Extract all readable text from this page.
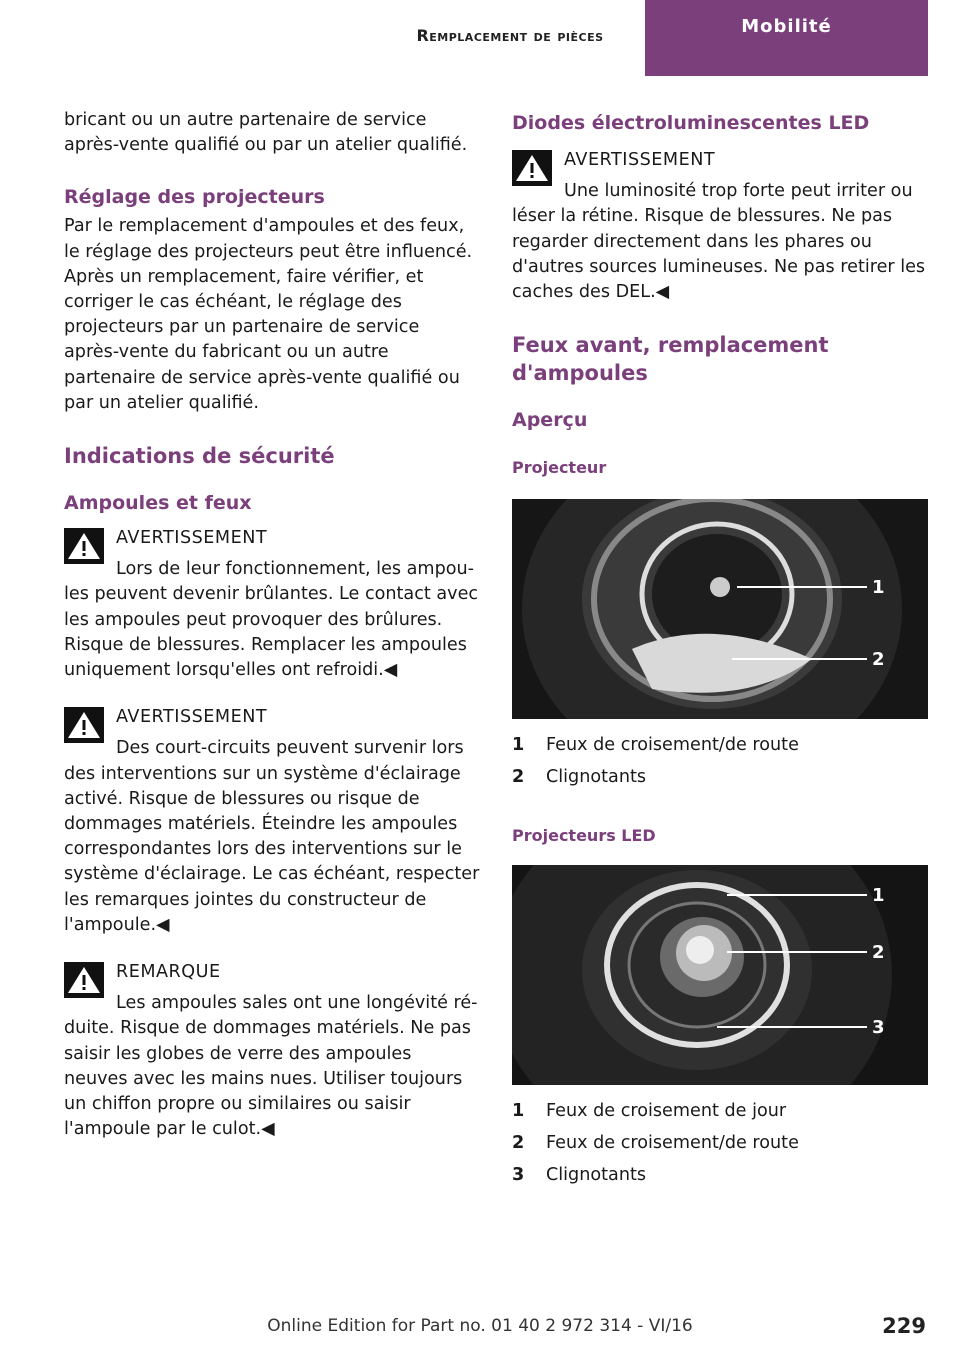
Remplacement de pièces	Mobilité

bricant ou un autre partenaire de service après-vente qualifié ou par un atelier qualifié.

Réglage des projecteurs

Par le remplacement d'ampoules et des feux, le réglage des projecteurs peut être influencé. Après un remplacement, faire vérifier, et corriger le cas échéant, le réglage des projecteurs par un partenaire de service après-vente du fabricant ou un autre partenaire de service après-vente qualifié ou par un atelier qualifié.

Indications de sécurité
Ampoules et feux

AVERTISSEMENT

Lors de leur fonctionnement, les ampou-

les peuvent devenir brûlantes. Le contact avec les ampoules peut provoquer des brûlures. Risque de blessures. Remplacer les ampoules uniquement lorsqu'elles ont refroidi.◀

AVERTISSEMENT

Des court-circuits peuvent survenir lors

des interventions sur un système d'éclairage activé. Risque de blessures ou risque de dommages matériels. Éteindre les ampoules correspondantes lors des interventions sur le système d'éclairage. Le cas échéant, respecter les remarques jointes du constructeur de l'ampoule.◀

REMARQUE

Les ampoules sales ont une longévité ré-

duite. Risque de dommages matériels. Ne pas saisir les globes de verre des ampoules neuves avec les mains nues. Utiliser toujours un chiffon propre ou similaires ou saisir l'ampoule par le culot.◀

Diodes électroluminescentes LED

AVERTISSEMENT

Une luminosité trop forte peut irriter ou

léser la rétine. Risque de blessures. Ne pas regarder directement dans les phares ou d'autres sources lumineuses. Ne pas retirer les caches des DEL.◀

Feux avant, remplacement d'ampoules
Aperçu
Projecteur
1
2
1	Feux de croisement/de route
2	Clignotants
Projecteurs LED
1
2
3
1	Feux de croisement de jour
2	Feux de croisement/de route
3	Clignotants
Online Edition for Part no. 01 40 2 972 314 - VI/16	229
